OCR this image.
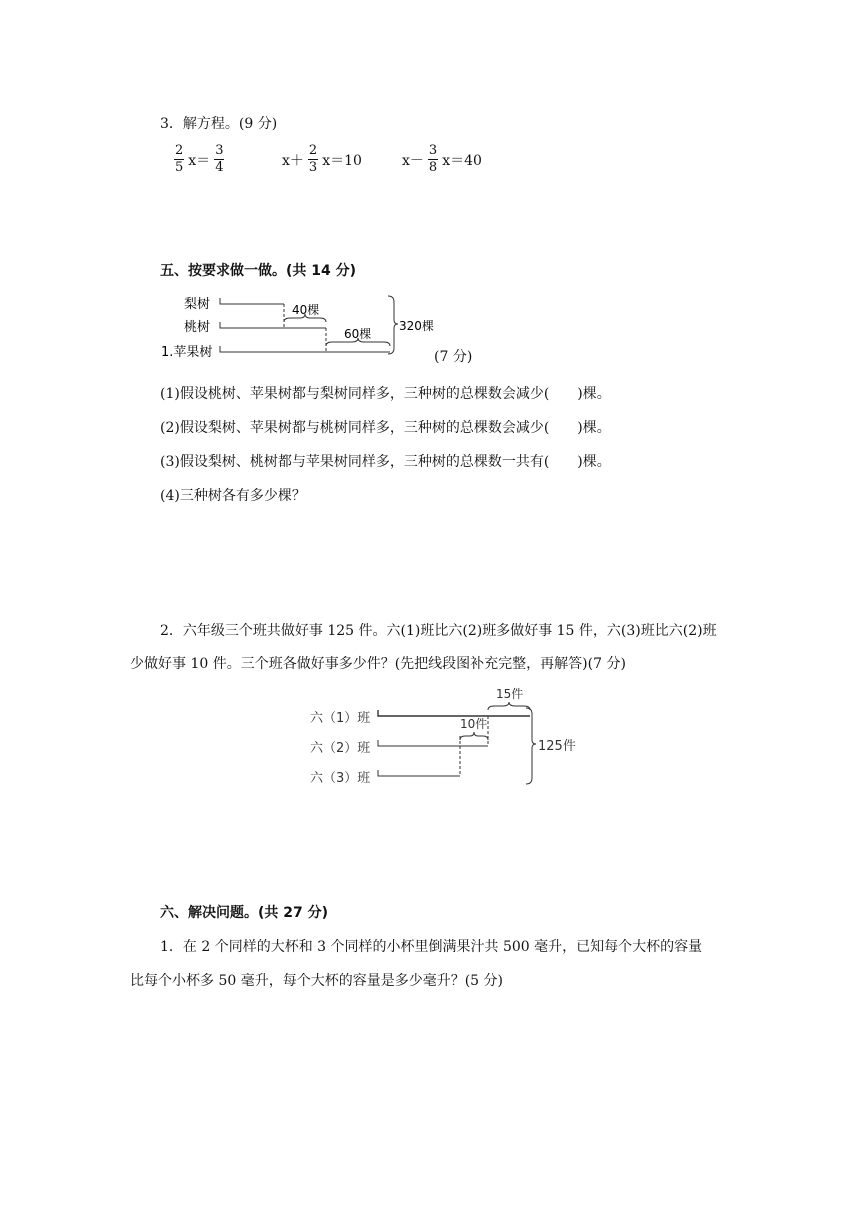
3．解方程。(9 分)
$\frac{2}{5} x= \frac{3}{4}$	$x+ \frac{2}{3} x=10$	$x- \frac{3}{8} x=40$
五、按要求做一做。(共 14 分)
梨树
桃树
1.苹果树
40棵
60棵
320棵
(7 分)
(1)假设桃树、苹果树都与梨树同样多，三种树的总棵数会减少(　　)棵。
(2)假设梨树、苹果树都与桃树同样多，三种树的总棵数会减少(　　)棵。
(3)假设梨树、桃树都与苹果树同样多，三种树的总棵数一共有(　　)棵。
(4)三种树各有多少棵？
2．六年级三个班共做好事 125 件。六(1)班比六(2)班多做好事 15 件，六(3)班比六(2)班
少做好事 10 件。三个班各做好事多少件？(先把线段图补充完整，再解答)(7 分)
六（1）班
六（2）班
六（3）班
15件
10件
125件
六、解决问题。(共 27 分)
1．在 2 个同样的大杯和 3 个同样的小杯里倒满果汁共 500 毫升，已知每个大杯的容量
比每个小杯多 50 毫升，每个大杯的容量是多少毫升？(5 分)
